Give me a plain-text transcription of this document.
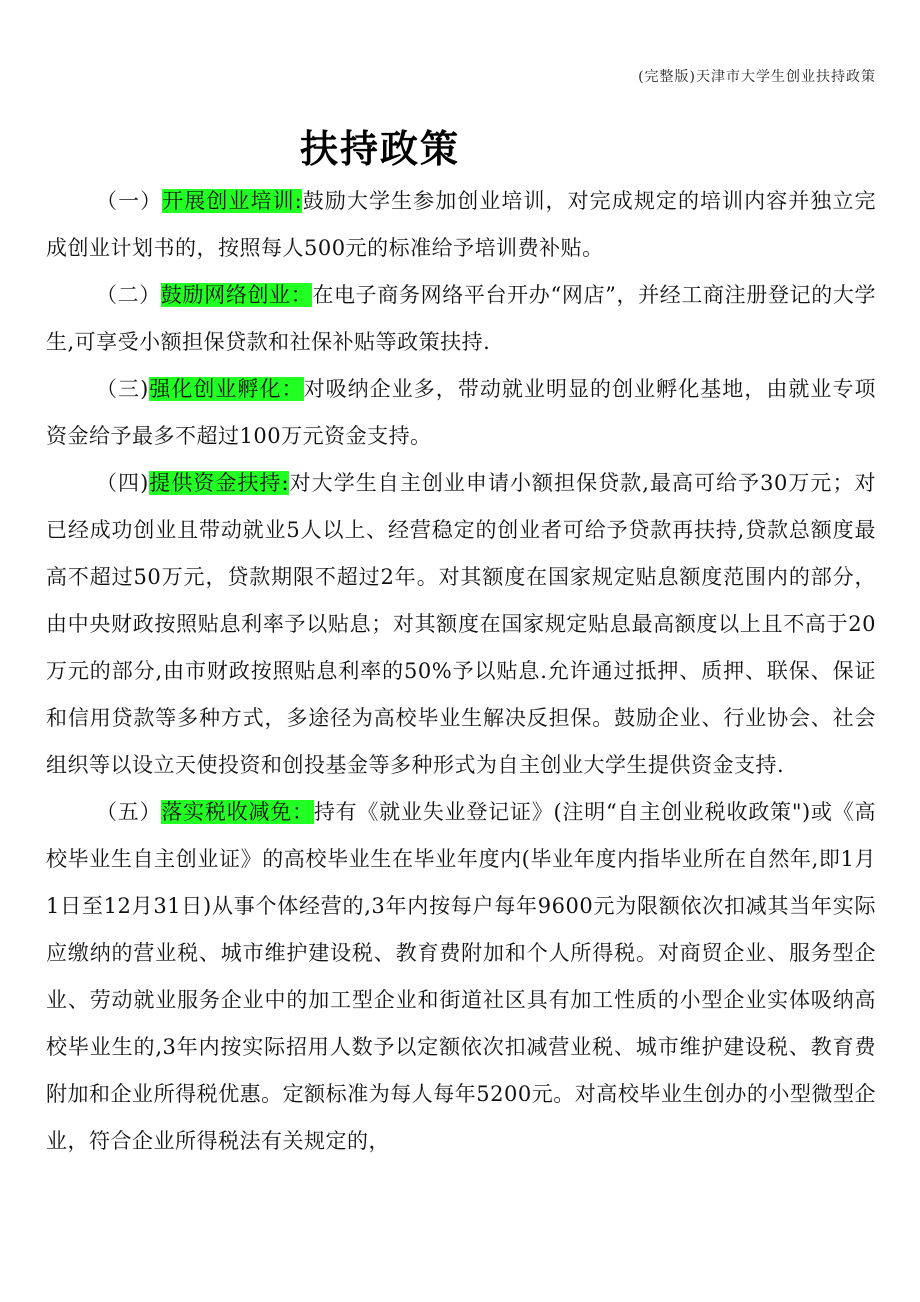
(完整版)天津市大学生创业扶持政策
扶持政策

（一）开展创业培训:鼓励大学生参加创业培训，对完成规定的培训内容并独立完成创业计划书的，按照每人500元的标准给予培训费补贴。

（二）鼓励网络创业：在电子商务网络平台开办“网店”，并经工商注册登记的大学生,可享受小额担保贷款和社保补贴等政策扶持.

（三)强化创业孵化：对吸纳企业多，带动就业明显的创业孵化基地，由就业专项资金给予最多不超过100万元资金支持。

（四)提供资金扶持:对大学生自主创业申请小额担保贷款,最高可给予30万元；对已经成功创业且带动就业5人以上、经营稳定的创业者可给予贷款再扶持,贷款总额度最高不超过50万元，贷款期限不超过2年。对其额度在国家规定贴息额度范围内的部分，由中央财政按照贴息利率予以贴息；对其额度在国家规定贴息最高额度以上且不高于20万元的部分,由市财政按照贴息利率的50%予以贴息.允许通过抵押、质押、联保、保证和信用贷款等多种方式，多途径为高校毕业生解决反担保。鼓励企业、行业协会、社会组织等以设立天使投资和创投基金等多种形式为自主创业大学生提供资金支持.

（五）落实税收减免：持有《就业失业登记证》(注明“自主创业税收政策")或《高校毕业生自主创业证》的高校毕业生在毕业年度内(毕业年度内指毕业所在自然年,即1月1日至12月31日)从事个体经营的,3年内按每户每年9600元为限额依次扣减其当年实际应缴纳的营业税、城市维护建设税、教育费附加和个人所得税。对商贸企业、服务型企业、劳动就业服务企业中的加工型企业和街道社区具有加工性质的小型企业实体吸纳高校毕业生的,3年内按实际招用人数予以定额依次扣减营业税、城市维护建设税、教育费附加和企业所得税优惠。定额标准为每人每年5200元。对高校毕业生创办的小型微型企业，符合企业所得税法有关规定的，
